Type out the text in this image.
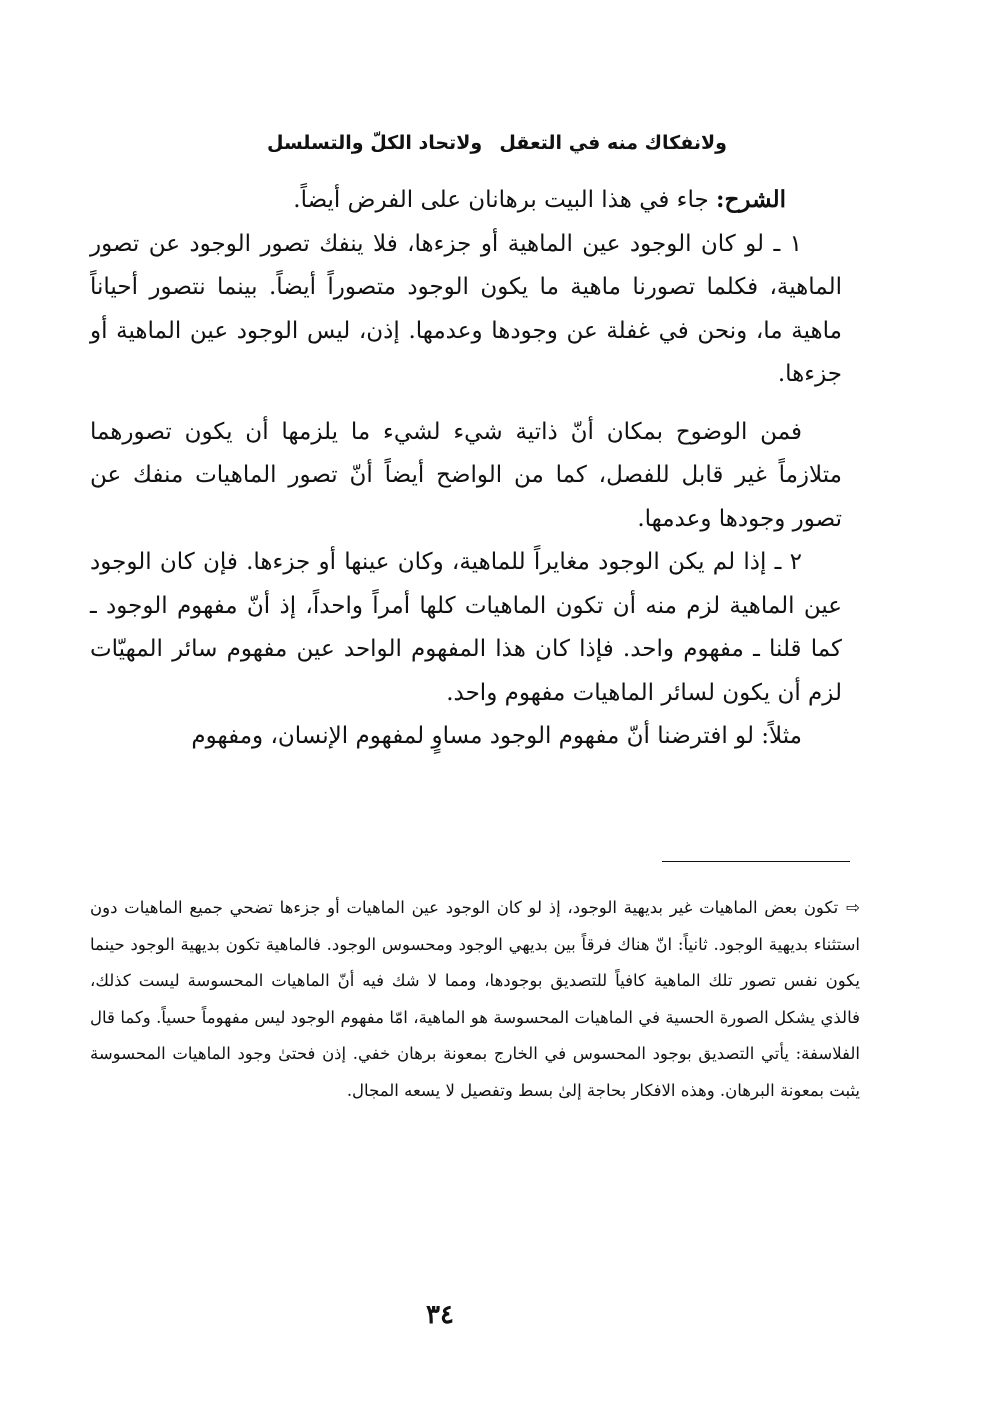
ولانفكاك منه في التعقل
ولاتحاد الكلّ والتسلسل

الشرح: جاء في هذا البيت برهانان على الفرض أيضاً.

١ ـ لو كان الوجود عين الماهية أو جزءها، فلا ينفك تصور الوجود عن تصور الماهية، فكلما تصورنا ماهية ما يكون الوجود متصوراً أيضاً. بينما نتصور أحياناً ماهية ما، ونحن في غفلة عن وجودها وعدمها. إذن، ليس الوجود عين الماهية أو جزءها.

فمن الوضوح بمكان أنّ ذاتية شيء لشيء ما يلزمها أن يكون تصورهما متلازماً غير قابل للفصل، كما من الواضح أيضاً أنّ تصور الماهيات منفك عن تصور وجودها وعدمها.

٢ ـ إذا لم يكن الوجود مغايراً للماهية، وكان عينها أو جزءها. فإن كان الوجود عين الماهية لزم منه أن تكون الماهيات كلها أمراً واحداً، إذ أنّ مفهوم الوجود ـ كما قلنا ـ مفهوم واحد. فإذا كان هذا المفهوم الواحد عين مفهوم سائر المهيّات لزم أن يكون لسائر الماهيات مفهوم واحد.

مثلاً: لو افترضنا أنّ مفهوم الوجود مساوٍ لمفهوم الإنسان، ومفهوم

⇨تكون بعض الماهيات غير بديهية الوجود، إذ لو كان الوجود عين الماهيات أو جزءها تضحي جميع الماهيات دون استثناء بديهية الوجود. ثانياً: انّ هناك فرقاً بين بديهي الوجود ومحسوس الوجود. فالماهية تكون بديهية الوجود حينما يكون نفس تصور تلك الماهية كافياً للتصديق بوجودها، ومما لا شك فيه أنّ الماهيات المحسوسة ليست كذلك، فالذي يشكل الصورة الحسية في الماهيات المحسوسة هو الماهية، امّا مفهوم الوجود ليس مفهوماً حسياً. وكما قال الفلاسفة: يأتي التصديق بوجود المحسوس في الخارج بمعونة برهان خفي. إذن فحتىٰ وجود الماهيات المحسوسة يثبت بمعونة البرهان. وهذه الافكار بحاجة إلىٰ بسط وتفصيل لا يسعه المجال.

٣٤
